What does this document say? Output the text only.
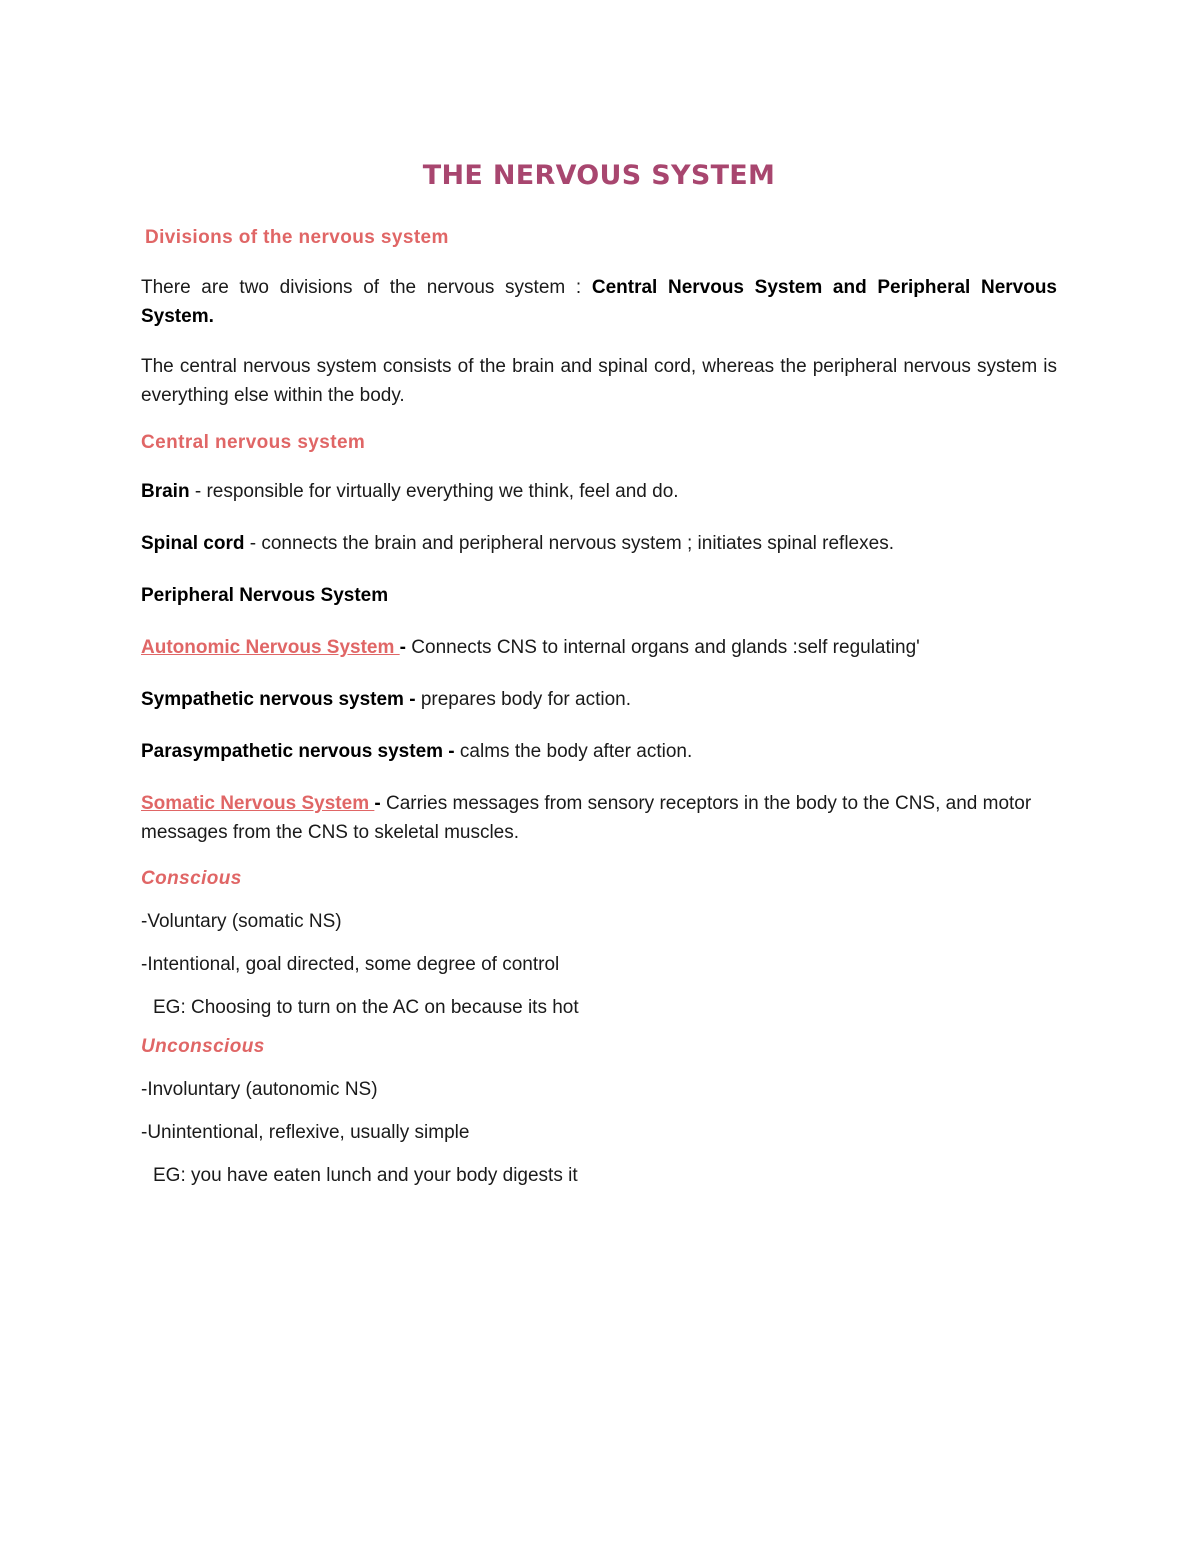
THE NERVOUS SYSTEM
Divisions of the nervous system

There are two divisions of the nervous system : Central Nervous System and Peripheral Nervous System.

The central nervous system consists of the brain and spinal cord, whereas the peripheral nervous system is everything else within the body.

Central nervous system

Brain - responsible for virtually everything we think, feel and do.

Spinal cord - connects the brain and peripheral nervous system ; initiates spinal reflexes.

Peripheral Nervous System

Autonomic Nervous System - Connects CNS to internal organs and glands :self regulating'

Sympathetic nervous system - prepares body for action.

Parasympathetic nervous system - calms the body after action.

Somatic Nervous System - Carries messages from sensory receptors in the body to the CNS, and motor messages from the CNS to skeletal muscles.

Conscious

-Voluntary (somatic NS)

-Intentional, goal directed, some degree of control

EG: Choosing to turn on the AC on because its hot

Unconscious

-Involuntary (autonomic NS)

-Unintentional, reflexive, usually simple

EG: you have eaten lunch and your body digests it
